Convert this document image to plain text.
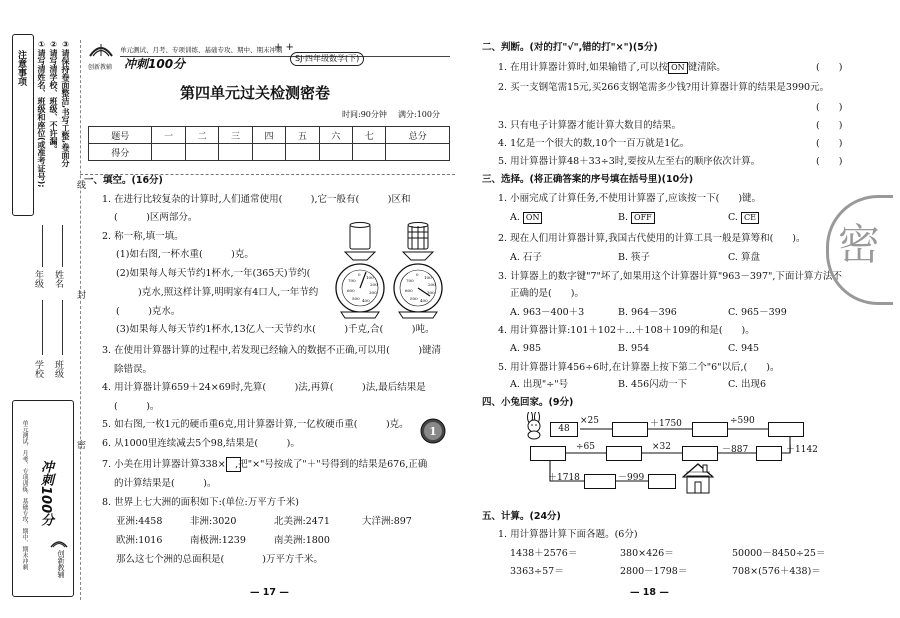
注意事项 ①请写清姓名、班级和座位(或准考证号); ②请写清学校、班级、不许漏。 ③请保持卷面整洁,书写工整,卷面分
学校
年级
班级
姓名
线
封
密
冲刺100分
单元测试、月考、专项训练、基础专攻、期中、期末冲刺	创新教辅
创新教辅
单元测试、月考、专项训练、基础专攻、期中、期末冲刺
冲刺100分
+ +
SJ·四年级数学(下)
第四单元过关检测密卷
时间:90分钟 满分:100分
题号	一	二	三	四	五	六	七	总分
得分								
一、填空。(16分)
1. 在进行比较复杂的计算时,人们通常使用(　　　),它一般有(　　　)区和
(　　　)区两部分。
2. 称一称,填一填。
(1)如右图,一杯水重(　　　)克。
(2)如果每人每天节约1杯水,一年(365天)节约(
)克水,照这样计算,明明家有4口人,一年节约
(　　　)克水。
(3)如果每人每天节约1杯水,13亿人一天节约水(　　　)千克,合(　　　)吨。
3. 在使用计算器计算的过程中,若发现已经输入的数据不正确,可以用(　　　)键清
除错误。
4. 用计算器计算659＋24×69时,先算(　　　)法,再算(　　　)法,最后结果是
(　　　)。
5. 如右图,一枚1元的硬币重6克,用计算器计算,一亿枚硬币重(　　　)克。
6. 从1000里连续减去5个98,结果是(　　　)。
7. 小美在用计算器计算338×　,把"×"号按成了"＋"号得到的结果是676,正确
的计算结果是(　　　)。
8. 世界上七大洲的面积如下:(单位:万平方千米)
亚洲:4458	非洲:3020	北美洲:2471	大洋洲:897
欧洲:1016	南极洲:1239	南美洲:1800
那么这七个洲的总面积是(　　　　)万平方千米。
0
100
200
300
400
500
600
700
0
100
200
300
400
500
600
700
1
— 17 —
二、判断。(对的打"√",错的打"×")(5分)
1. 在用计算器计算时,如果输错了,可以按 ON 键清除。	(　　)
2. 买一支钢笔需15元,买266支钢笔需多少钱?用计算器计算的结果是3990元。
(　　)
3. 只有电子计算器才能计算大数目的结果。	(　　)
4. 1亿是一个很大的数,10个一百万就是1亿。	(　　)
5. 用计算器计算48＋33÷3时,要按从左至右的顺序依次计算。	(　　)
三、选择。(将正确答案的序号填在括号里)(10分)
1. 小丽完成了计算任务,不使用计算器了,应该按一下(　　)键。
A. ON	B. OFF	C. CE
2. 现在人们用计算器计算,我国古代使用的计算工具一般是算筹和(　　)。
A. 石子	B. 筷子	C. 算盘
3. 计算器上的数字键"7"坏了,如果用这个计算器计算"963－397",下面计算方法不
正确的是(　　)。
A. 963－400＋3	B. 964－396	C. 965－399
4. 用计算器计算:101＋102＋…＋108＋109的和是(　　)。
A. 985	B. 954	C. 945
5. 用计算器计算456÷6时,在计算器上按下第二个"6"以后,(　　)。
A. 出现"÷"号	B. 456闪动一下	C. 出现6
四、小兔回家。(9分)
48
×25	＋1750	÷590
÷65	×32	－887	＋1142
＋1718	－999
五、计算。(24分)
1. 用计算器计算下面各题。(6分)
1438＋2576＝	380×426＝	50000－8450÷25＝
3363÷57＝	2800－1798＝	708×(576＋438)＝
— 18 —
密
